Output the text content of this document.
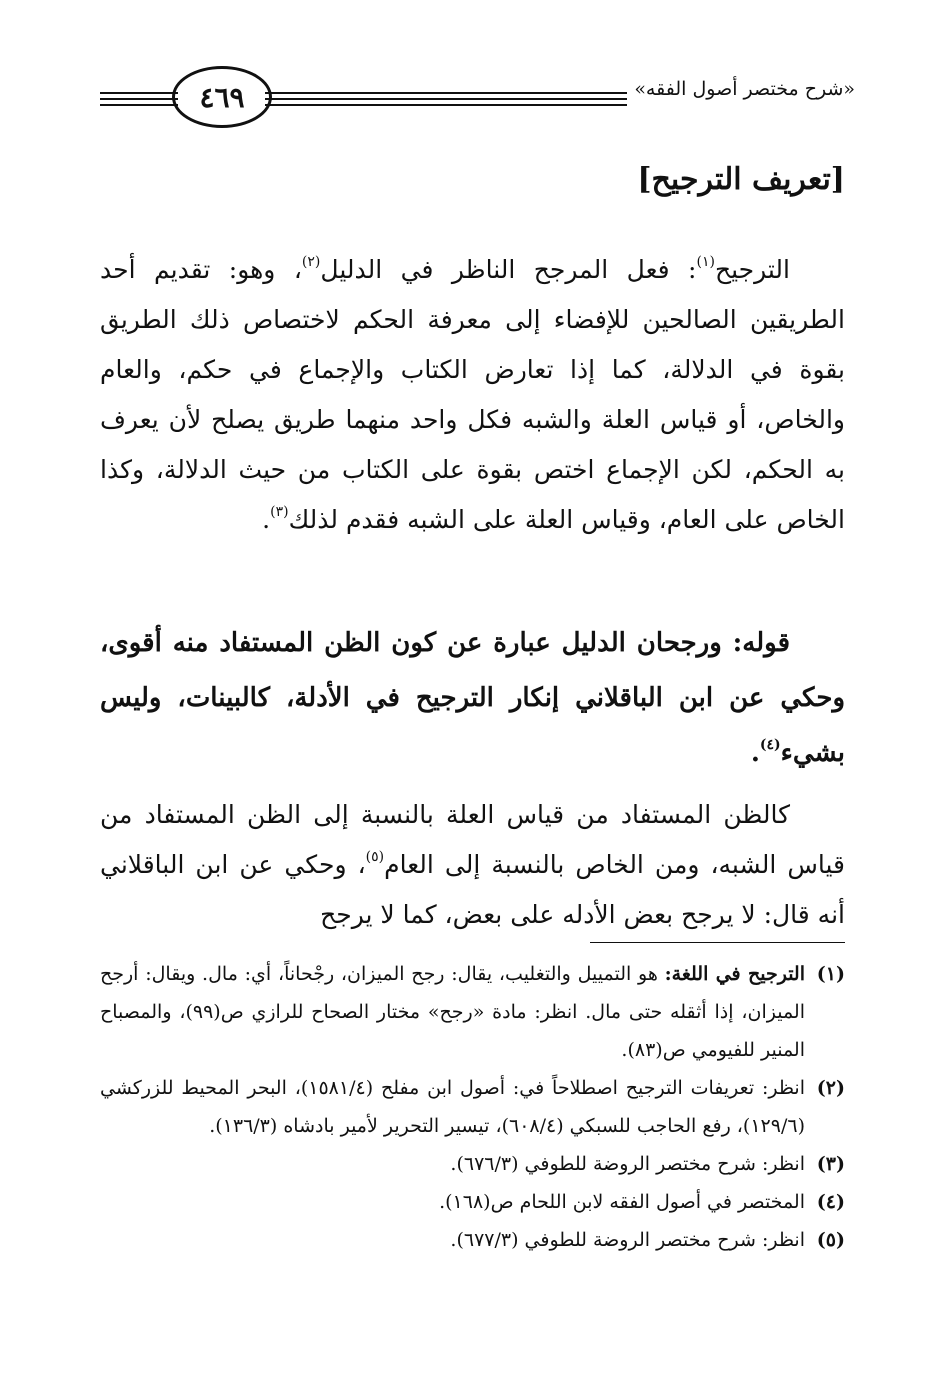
«شرح مختصر أصول الفقه»
٤٦٩
[تعريف الترجيح]

الترجيح$^{(١)}$: فعل المرجح الناظر في الدليل$^{(٢)}$، وهو: تقديم أحد الطريقين الصالحين للإفضاء إلى معرفة الحكم لاختصاص ذلك الطريق بقوة في الدلالة، كما إذا تعارض الكتاب والإجماع في حكم، والعام والخاص، أو قياس العلة والشبه فكل واحد منهما طريق يصلح لأن يعرف به الحكم، لكن الإجماع اختص بقوة على الكتاب من حيث الدلالة، وكذا الخاص على العام، وقياس العلة على الشبه فقدم لذلك$^{(٣)}$.

قوله: ورجحان الدليل عبارة عن كون الظن المستفاد منه أقوى، وحكي عن ابن الباقلاني إنكار الترجيح في الأدلة، كالبينات، وليس بشيء$^{(٤)}$.

كالظن المستفاد من قياس العلة بالنسبة إلى الظن المستفاد من قياس الشبه، ومن الخاص بالنسبة إلى العام$^{(٥)}$، وحكي عن ابن الباقلاني أنه قال: لا يرجح بعض الأدله على بعض، كما لا يرجح

(١)
الترجيح في اللغة: هو التمييل والتغليب، يقال: رجح الميزان، رجْحاناً، أي: مال. ويقال: أرجح الميزان، إذا أثقله حتى مال. انظر: مادة «رجح» مختار الصحاح للرازي ص(٩٩)، والمصباح المنير للفيومي ص(٨٣).
(٢)
انظر: تعريفات الترجيح اصطلاحاً في: أصول ابن مفلح (١٥٨١/٤)، البحر المحيط للزركشي (١٢٩/٦)، رفع الحاجب للسبكي (٦٠٨/٤)، تيسير التحرير لأمير بادشاه (١٣٦/٣).
(٣)
انظر: شرح مختصر الروضة للطوفي (٦٧٦/٣).
(٤)
المختصر في أصول الفقه لابن اللحام ص(١٦٨).
(٥)
انظر: شرح مختصر الروضة للطوفي (٦٧٧/٣).
